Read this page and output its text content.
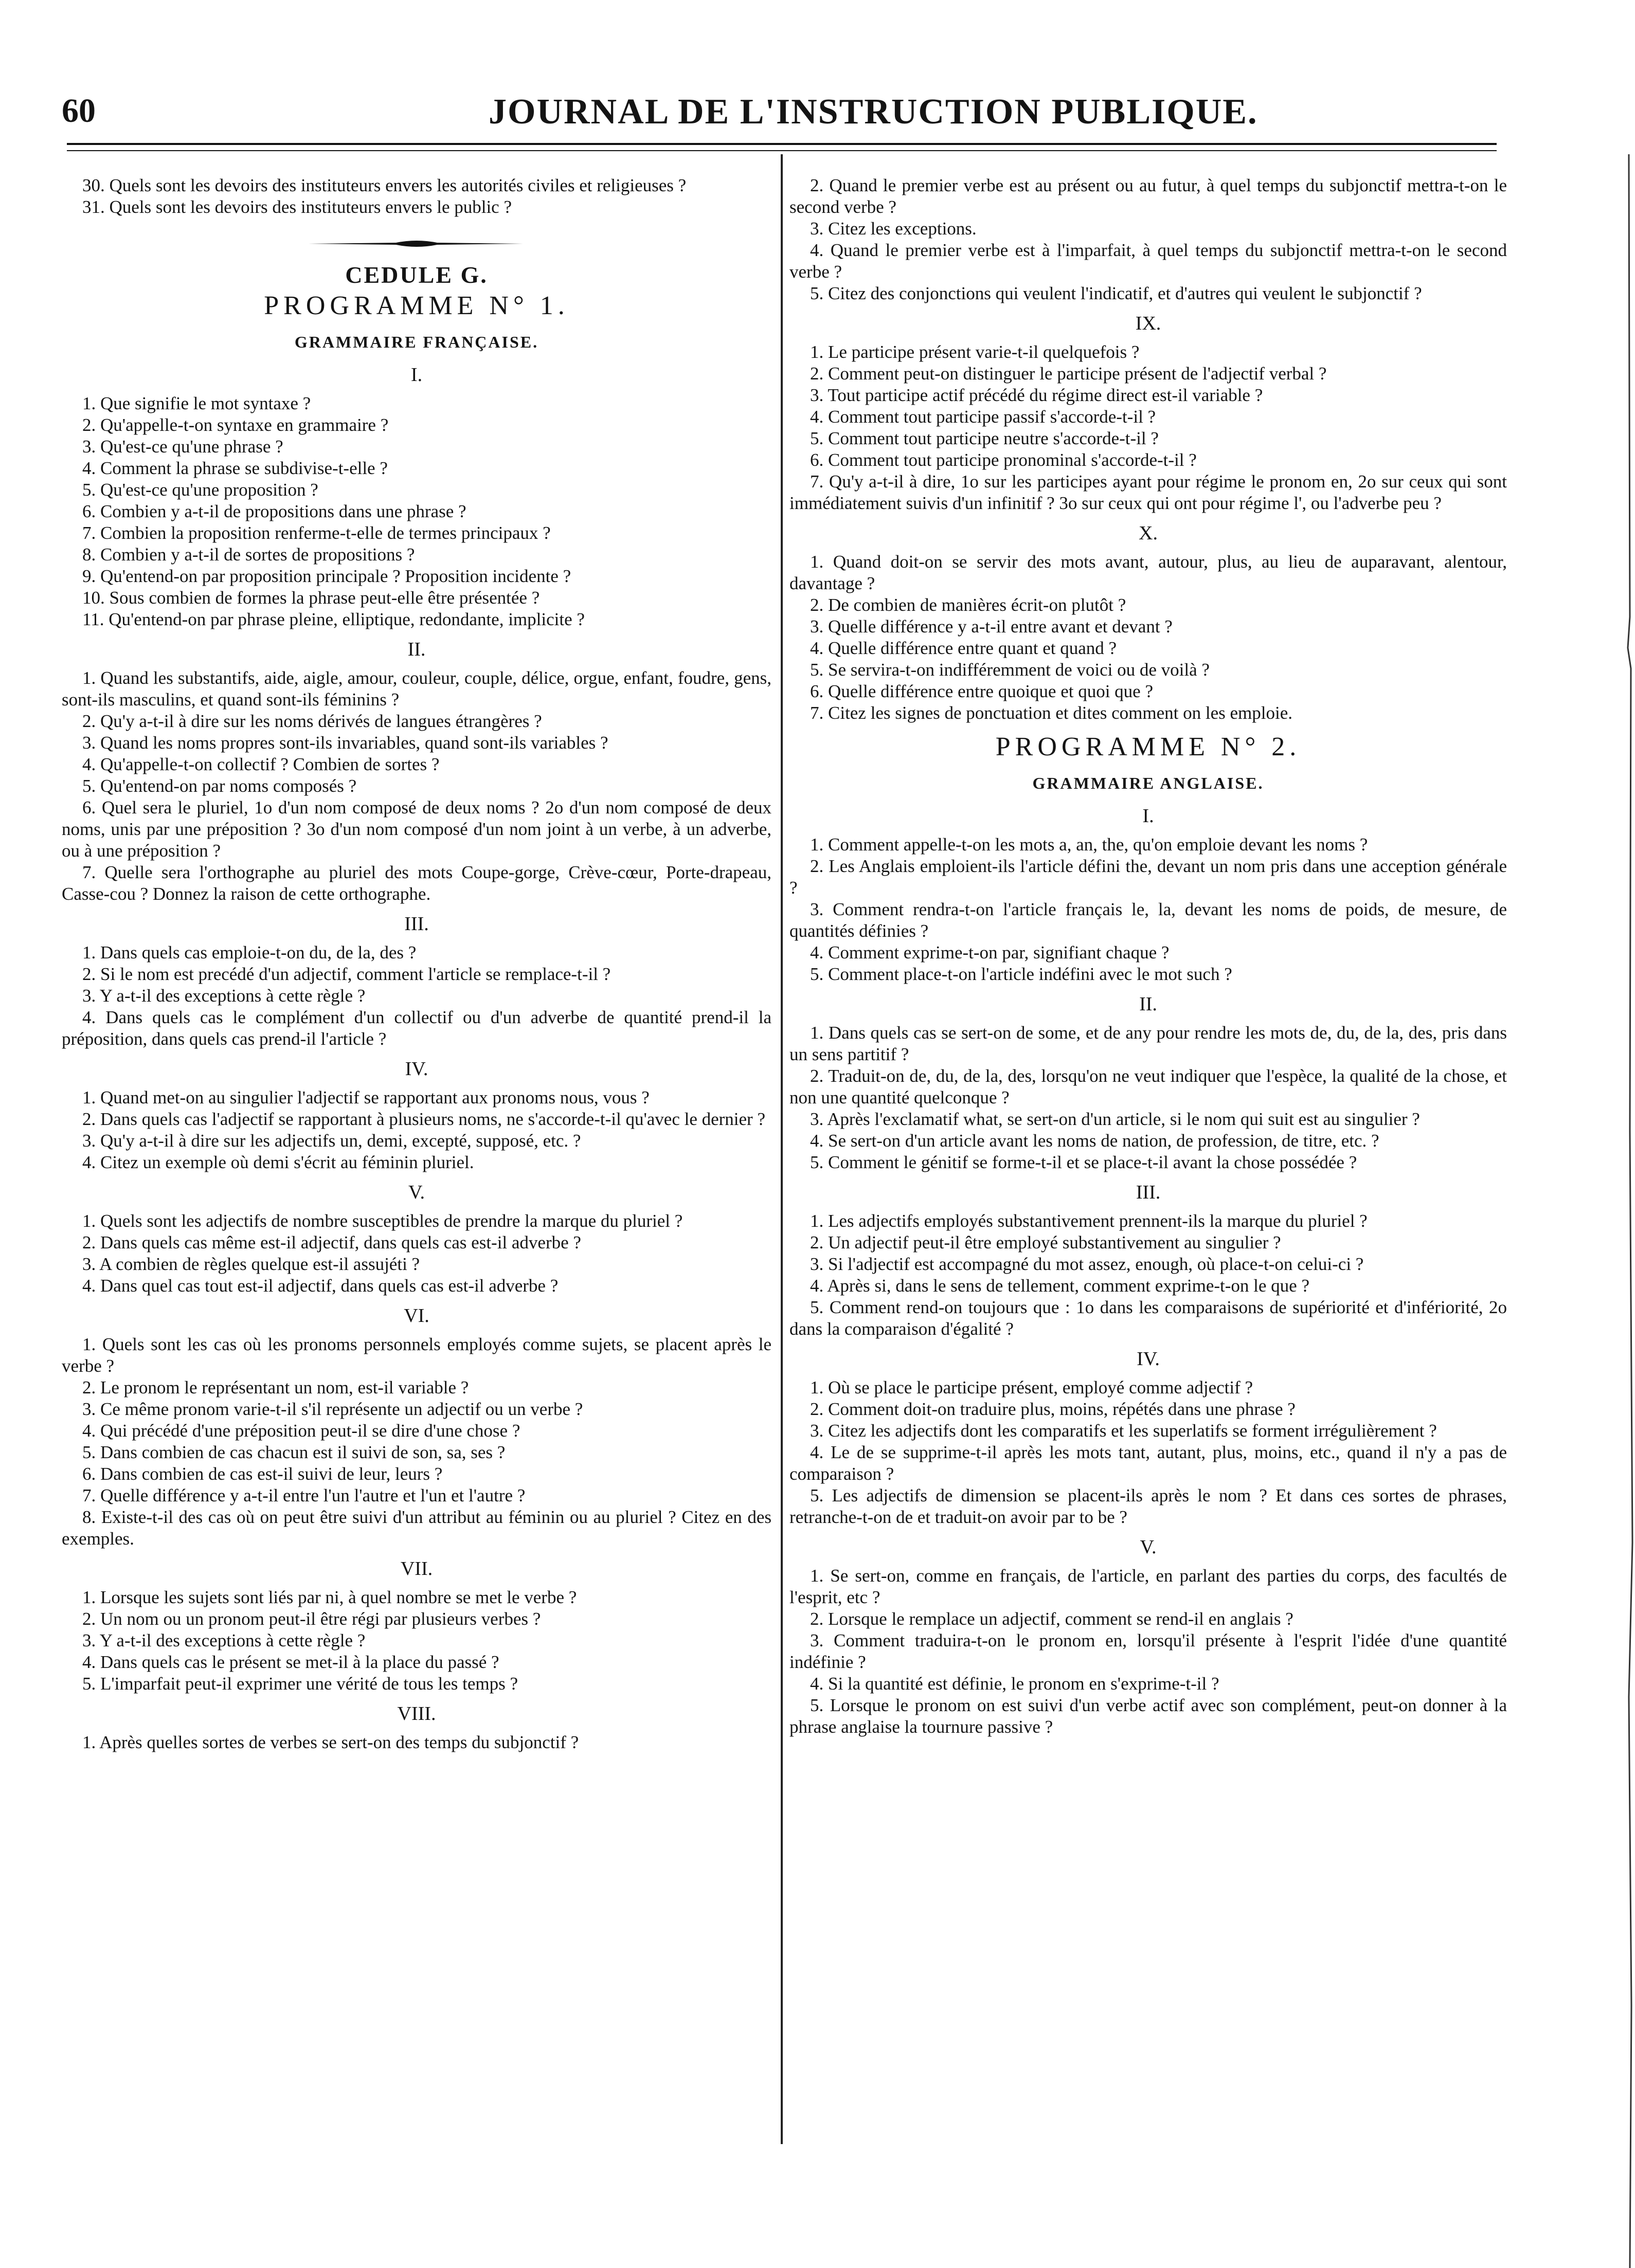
60	JOURNAL DE L'INSTRUCTION PUBLIQUE.

30. Quels sont les devoirs des instituteurs envers les autorités civiles et religieuses ?

31. Quels sont les devoirs des instituteurs envers le public ?

CEDULE G.
PROGRAMME N° 1.
GRAMMAIRE FRANÇAISE.
I.

1. Que signifie le mot syntaxe ?

2. Qu'appelle-t-on syntaxe en grammaire ?

3. Qu'est-ce qu'une phrase ?

4. Comment la phrase se subdivise-t-elle ?

5. Qu'est-ce qu'une proposition ?

6. Combien y a-t-il de propositions dans une phrase ?

7. Combien la proposition renferme-t-elle de termes principaux ?

8. Combien y a-t-il de sortes de propositions ?

9. Qu'entend-on par proposition principale ? Proposition incidente ?

10. Sous combien de formes la phrase peut-elle être présentée ?

11. Qu'entend-on par phrase pleine, elliptique, redondante, implicite ?

II.

1. Quand les substantifs, aide, aigle, amour, couleur, couple, délice, orgue, enfant, foudre, gens, sont-ils masculins, et quand sont-ils féminins ?

2. Qu'y a-t-il à dire sur les noms dérivés de langues étrangères ?

3. Quand les noms propres sont-ils invariables, quand sont-ils variables ?

4. Qu'appelle-t-on collectif ? Combien de sortes ?

5. Qu'entend-on par noms composés ?

6. Quel sera le pluriel, 1o d'un nom composé de deux noms ? 2o d'un nom composé de deux noms, unis par une préposition ? 3o d'un nom composé d'un nom joint à un verbe, à un adverbe, ou à une préposition ?

7. Quelle sera l'orthographe au pluriel des mots Coupe-gorge, Crève-cœur, Porte-drapeau, Casse-cou ? Donnez la raison de cette orthographe.

III.

1. Dans quels cas emploie-t-on du, de la, des ?

2. Si le nom est precédé d'un adjectif, comment l'article se remplace-t-il ?

3. Y a-t-il des exceptions à cette règle ?

4. Dans quels cas le complément d'un collectif ou d'un adverbe de quantité prend-il la préposition, dans quels cas prend-il l'article ?

IV.

1. Quand met-on au singulier l'adjectif se rapportant aux pronoms nous, vous ?

2. Dans quels cas l'adjectif se rapportant à plusieurs noms, ne s'accorde-t-il qu'avec le dernier ?

3. Qu'y a-t-il à dire sur les adjectifs un, demi, excepté, supposé, etc. ?

4. Citez un exemple où demi s'écrit au féminin pluriel.

V.

1. Quels sont les adjectifs de nombre susceptibles de prendre la marque du pluriel ?

2. Dans quels cas même est-il adjectif, dans quels cas est-il adverbe ?

3. A combien de règles quelque est-il assujéti ?

4. Dans quel cas tout est-il adjectif, dans quels cas est-il adverbe ?

VI.

1. Quels sont les cas où les pronoms personnels employés comme sujets, se placent après le verbe ?

2. Le pronom le représentant un nom, est-il variable ?

3. Ce même pronom varie-t-il s'il représente un adjectif ou un verbe ?

4. Qui précédé d'une préposition peut-il se dire d'une chose ?

5. Dans combien de cas chacun est il suivi de son, sa, ses ?

6. Dans combien de cas est-il suivi de leur, leurs ?

7. Quelle différence y a-t-il entre l'un l'autre et l'un et l'autre ?

8. Existe-t-il des cas où on peut être suivi d'un attribut au féminin ou au pluriel ? Citez en des exemples.

VII.

1. Lorsque les sujets sont liés par ni, à quel nombre se met le verbe ?

2. Un nom ou un pronom peut-il être régi par plusieurs verbes ?

3. Y a-t-il des exceptions à cette règle ?

4. Dans quels cas le présent se met-il à la place du passé ?

5. L'imparfait peut-il exprimer une vérité de tous les temps ?

VIII.

1. Après quelles sortes de verbes se sert-on des temps du subjonctif ?

2. Quand le premier verbe est au présent ou au futur, à quel temps du subjonctif mettra-t-on le second verbe ?

3. Citez les exceptions.

4. Quand le premier verbe est à l'imparfait, à quel temps du subjonctif mettra-t-on le second verbe ?

5. Citez des conjonctions qui veulent l'indicatif, et d'autres qui veulent le subjonctif ?

IX.

1. Le participe présent varie-t-il quelquefois ?

2. Comment peut-on distinguer le participe présent de l'adjectif verbal ?

3. Tout participe actif précédé du régime direct est-il variable ?

4. Comment tout participe passif s'accorde-t-il ?

5. Comment tout participe neutre s'accorde-t-il ?

6. Comment tout participe pronominal s'accorde-t-il ?

7. Qu'y a-t-il à dire, 1o sur les participes ayant pour régime le pronom en, 2o sur ceux qui sont immédiatement suivis d'un infinitif ? 3o sur ceux qui ont pour régime l', ou l'adverbe peu ?

X.

1. Quand doit-on se servir des mots avant, autour, plus, au lieu de auparavant, alentour, davantage ?

2. De combien de manières écrit-on plutôt ?

3. Quelle différence y a-t-il entre avant et devant ?

4. Quelle différence entre quant et quand ?

5. Se servira-t-on indifféremment de voici ou de voilà ?

6. Quelle différence entre quoique et quoi que ?

7. Citez les signes de ponctuation et dites comment on les emploie.

PROGRAMME N° 2.
GRAMMAIRE ANGLAISE.
I.

1. Comment appelle-t-on les mots a, an, the, qu'on emploie devant les noms ?

2. Les Anglais emploient-ils l'article défini the, devant un nom pris dans une acception générale ?

3. Comment rendra-t-on l'article français le, la, devant les noms de poids, de mesure, de quantités définies ?

4. Comment exprime-t-on par, signifiant chaque ?

5. Comment place-t-on l'article indéfini avec le mot such ?

II.

1. Dans quels cas se sert-on de some, et de any pour rendre les mots de, du, de la, des, pris dans un sens partitif ?

2. Traduit-on de, du, de la, des, lorsqu'on ne veut indiquer que l'espèce, la qualité de la chose, et non une quantité quelconque ?

3. Après l'exclamatif what, se sert-on d'un article, si le nom qui suit est au singulier ?

4. Se sert-on d'un article avant les noms de nation, de profession, de titre, etc. ?

5. Comment le génitif se forme-t-il et se place-t-il avant la chose possédée ?

III.

1. Les adjectifs employés substantivement prennent-ils la marque du pluriel ?

2. Un adjectif peut-il être employé substantivement au singulier ?

3. Si l'adjectif est accompagné du mot assez, enough, où place-t-on celui-ci ?

4. Après si, dans le sens de tellement, comment exprime-t-on le que ?

5. Comment rend-on toujours que : 1o dans les comparaisons de supériorité et d'infériorité, 2o dans la comparaison d'égalité ?

IV.

1. Où se place le participe présent, employé comme adjectif ?

2. Comment doit-on traduire plus, moins, répétés dans une phrase ?

3. Citez les adjectifs dont les comparatifs et les superlatifs se forment irrégulièrement ?

4. Le de se supprime-t-il après les mots tant, autant, plus, moins, etc., quand il n'y a pas de comparaison ?

5. Les adjectifs de dimension se placent-ils après le nom ? Et dans ces sortes de phrases, retranche-t-on de et traduit-on avoir par to be ?

V.

1. Se sert-on, comme en français, de l'article, en parlant des parties du corps, des facultés de l'esprit, etc ?

2. Lorsque le remplace un adjectif, comment se rend-il en anglais ?

3. Comment traduira-t-on le pronom en, lorsqu'il présente à l'esprit l'idée d'une quantité indéfinie ?

4. Si la quantité est définie, le pronom en s'exprime-t-il ?

5. Lorsque le pronom on est suivi d'un verbe actif avec son complément, peut-on donner à la phrase anglaise la tournure passive ?
